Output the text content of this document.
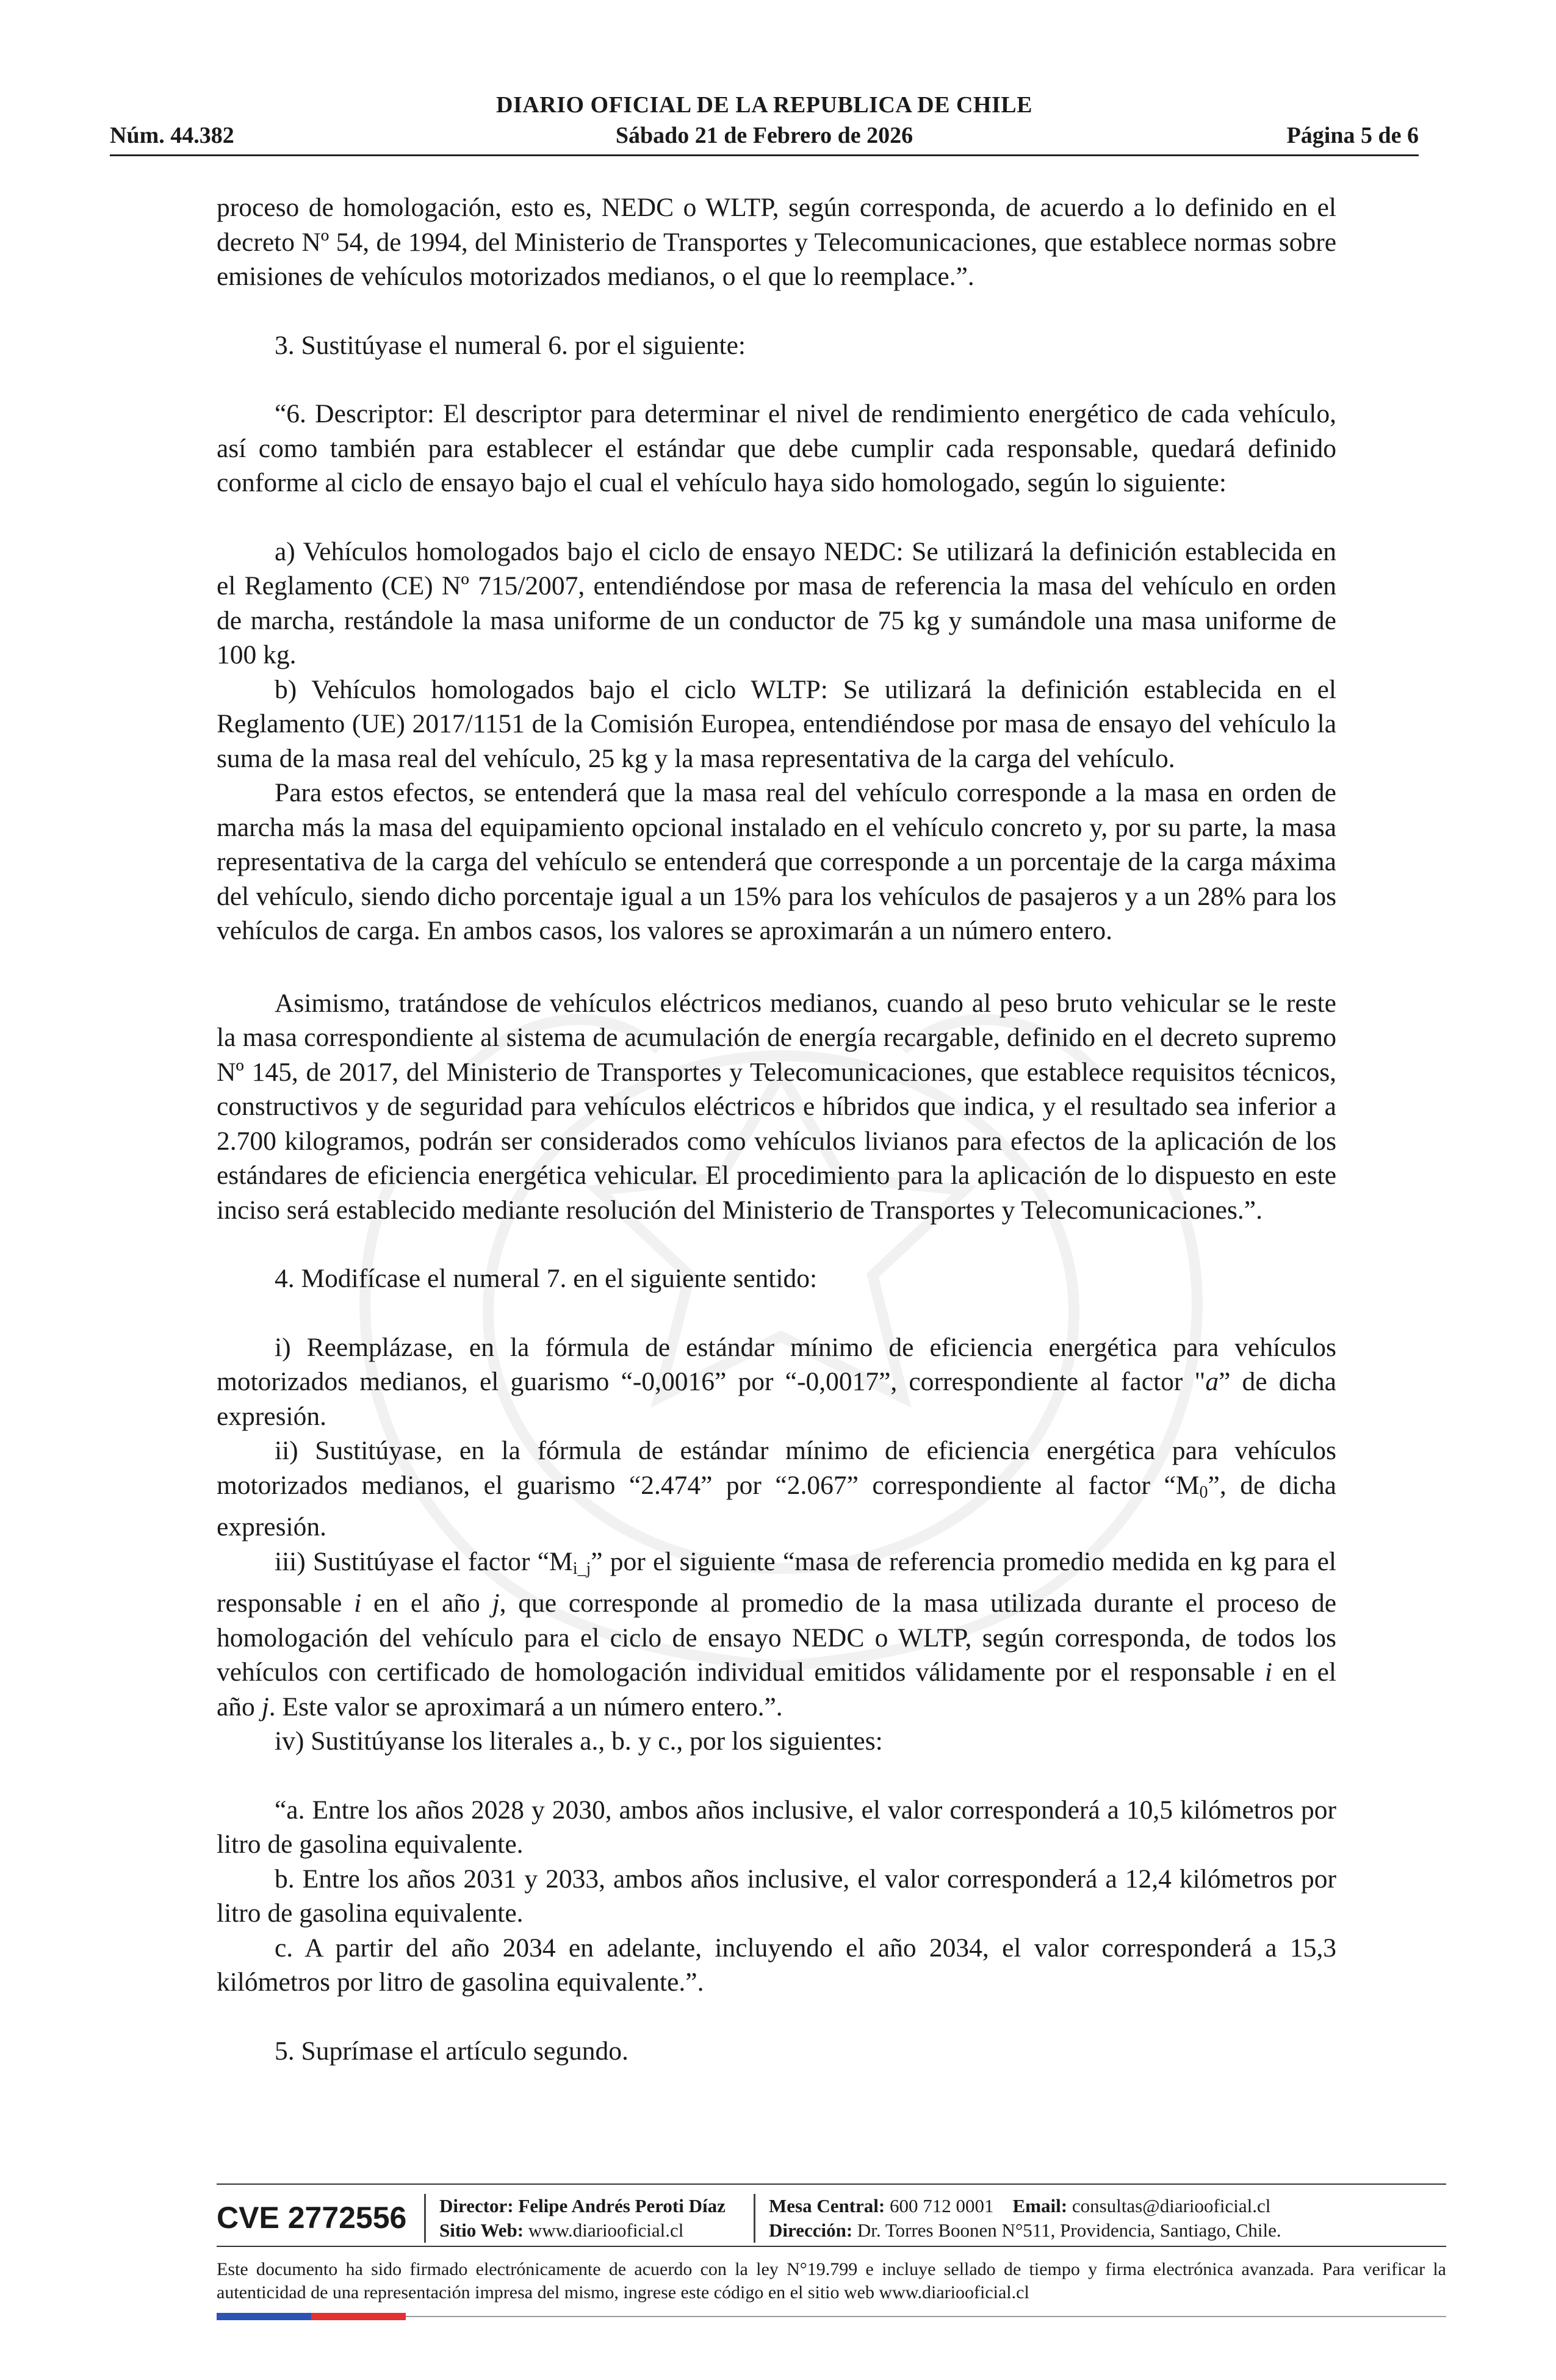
DIARIO OFICIAL DE LA REPUBLICA DE CHILE
Núm. 44.382	Sábado 21 de Febrero de 2026	Página 5 de 6

proceso de homologación, esto es, NEDC o WLTP, según corresponda, de acuerdo a lo definido en el decreto Nº 54, de 1994, del Ministerio de Transportes y Telecomunicaciones, que establece normas sobre emisiones de vehículos motorizados medianos, o el que lo reemplace.”.

3. Sustitúyase el numeral 6. por el siguiente:

“6. Descriptor: El descriptor para determinar el nivel de rendimiento energético de cada vehículo, así como también para establecer el estándar que debe cumplir cada responsable, quedará definido conforme al ciclo de ensayo bajo el cual el vehículo haya sido homologado, según lo siguiente:

a) Vehículos homologados bajo el ciclo de ensayo NEDC: Se utilizará la definición establecida en el Reglamento (CE) Nº 715/2007, entendiéndose por masa de referencia la masa del vehículo en orden de marcha, restándole la masa uniforme de un conductor de 75 kg y sumándole una masa uniforme de 100 kg.

b) Vehículos homologados bajo el ciclo WLTP: Se utilizará la definición establecida en el Reglamento (UE) 2017/1151 de la Comisión Europea, entendiéndose por masa de ensayo del vehículo la suma de la masa real del vehículo, 25 kg y la masa representativa de la carga del vehículo.

Para estos efectos, se entenderá que la masa real del vehículo corresponde a la masa en orden de marcha más la masa del equipamiento opcional instalado en el vehículo concreto y, por su parte, la masa representativa de la carga del vehículo se entenderá que corresponde a un porcentaje de la carga máxima del vehículo, siendo dicho porcentaje igual a un 15% para los vehículos de pasajeros y a un 28% para los vehículos de carga. En ambos casos, los valores se aproximarán a un número entero.

Asimismo, tratándose de vehículos eléctricos medianos, cuando al peso bruto vehicular se le reste la masa correspondiente al sistema de acumulación de energía recargable, definido en el decreto supremo Nº 145, de 2017, del Ministerio de Transportes y Telecomunicaciones, que establece requisitos técnicos, constructivos y de seguridad para vehículos eléctricos e híbridos que indica, y el resultado sea inferior a 2.700 kilogramos, podrán ser considerados como vehículos livianos para efectos de la aplicación de los estándares de eficiencia energética vehicular. El procedimiento para la aplicación de lo dispuesto en este inciso será establecido mediante resolución del Ministerio de Transportes y Telecomunicaciones.”.

4. Modifícase el numeral 7. en el siguiente sentido:

i) Reemplázase, en la fórmula de estándar mínimo de eficiencia energética para vehículos motorizados medianos, el guarismo “-0,0016” por “-0,0017”, correspondiente al factor "a” de dicha expresión.

ii) Sustitúyase, en la fórmula de estándar mínimo de eficiencia energética para vehículos motorizados medianos, el guarismo “2.474” por “2.067” correspondiente al factor “$M_0$”, de dicha expresión.

iii) Sustitúyase el factor “$M_{i\_j}$” por el siguiente “masa de referencia promedio medida en kg para el responsable i en el año j, que corresponde al promedio de la masa utilizada durante el proceso de homologación del vehículo para el ciclo de ensayo NEDC o WLTP, según corresponda, de todos los vehículos con certificado de homologación individual emitidos válidamente por el responsable i en el año j. Este valor se aproximará a un número entero.”.

iv) Sustitúyanse los literales a., b. y c., por los siguientes:

“a. Entre los años 2028 y 2030, ambos años inclusive, el valor corresponderá a 10,5 kilómetros por litro de gasolina equivalente.

b. Entre los años 2031 y 2033, ambos años inclusive, el valor corresponderá a 12,4 kilómetros por litro de gasolina equivalente.

c. A partir del año 2034 en adelante, incluyendo el año 2034, el valor corresponderá a 15,3 kilómetros por litro de gasolina equivalente.”.

5. Suprímase el artículo segundo.

CVE 2772556 Director: Felipe Andrés Peroti Díaz
Sitio Web: www.diariooficial.cl
Mesa Central: 600 712 0001 Email: consultas@diariooficial.cl
Dirección: Dr. Torres Boonen N°511, Providencia, Santiago, Chile.
Este documento ha sido firmado electrónicamente de acuerdo con la ley N°19.799 e incluye sellado de tiempo y firma electrónica avanzada. Para verificar la autenticidad de una representación impresa del mismo, ingrese este código en el sitio web www.diariooficial.cl
